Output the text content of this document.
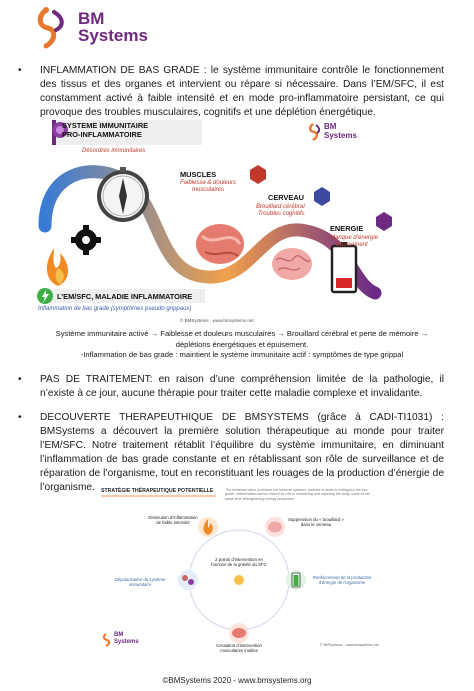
BM
Systems
• INFLAMMATION DE BAS GRADE : le système immunitaire contrôle le fonctionnement des tissus et des organes et intervient ou répare si nécessaire. Dans l’EM/SFC, il est constamment activé à faible intensité et en mode pro-inflammatoire persistant, ce qui provoque des troubles musculaires, cognitifs et une déplétion énergétique.
SYSTEME IMMUNITAIRE
PRO-INFLAMMATOIRE
Désordres immunitaires
MUSCLES
Faiblesse & douleurs
musculaires
CERVEAU
Brouillard cérébral
Troubles cognitifs
ENERGIE
Manque d’énergie
Epuisement
L’EM/SFC, MALADIE INFLAMMATOIRE
Inflammation de bas grade (symptômes pseudo grippaux)
BM
Systems
© BMSystems · www.bmsystems.net
Système immunitaire activé → Faiblesse et douleurs musculaires → Brouillard cérébral et perte de mémoire → déplétions énergétiques et épuisement.
-Inflammation de bas grade : maintient le système immunitaire actif : symptômes de type grippal
• PAS DE TRAITEMENT: en raison d’une compréhension limitée de la pathologie, il n’existe à ce jour, aucune thérapie pour traiter cette maladie complexe et invalidante.
• DECOUVERTE THERAPEUTHIQUE DE BMSYSTEMS (grâce à CADI-TI1031) : BMSystems a découvert la première solution thérapeutique au monde pour traiter l’EM/SFC. Notre traitement rétablit l’équilibre du système immunitaire, en diminuant l’inflammation de bas grade constante et en rétablissant son rôle de surveillance et de réparation de l’organisme, tout en reconstituant les rouages de la production d’énergie de l’organisme.	STRATÉGIE THÉRAPEUTIQUE POTENTIELLE	The treatment aims to restore the immune systems' balance in order to extinguish the low-grade, inflammation and to restore its role in monitoring and repairing the body, while at the same time strengthening energy production.
Diminution d’inflammation de faible intensité
Suppression du « brouillard » dans le cerveau
2 points d’intervention en fonction de la gravité du SFC
Dépolarisation du système immunitaire
Renforcement de la production d’énergie de l’organisme
Cessation d’intervention musculaires inutiles
BM
Systems	© BMSystems · www.bmsystems.net
©BMSystems 2020 - www.bmsystems.org
